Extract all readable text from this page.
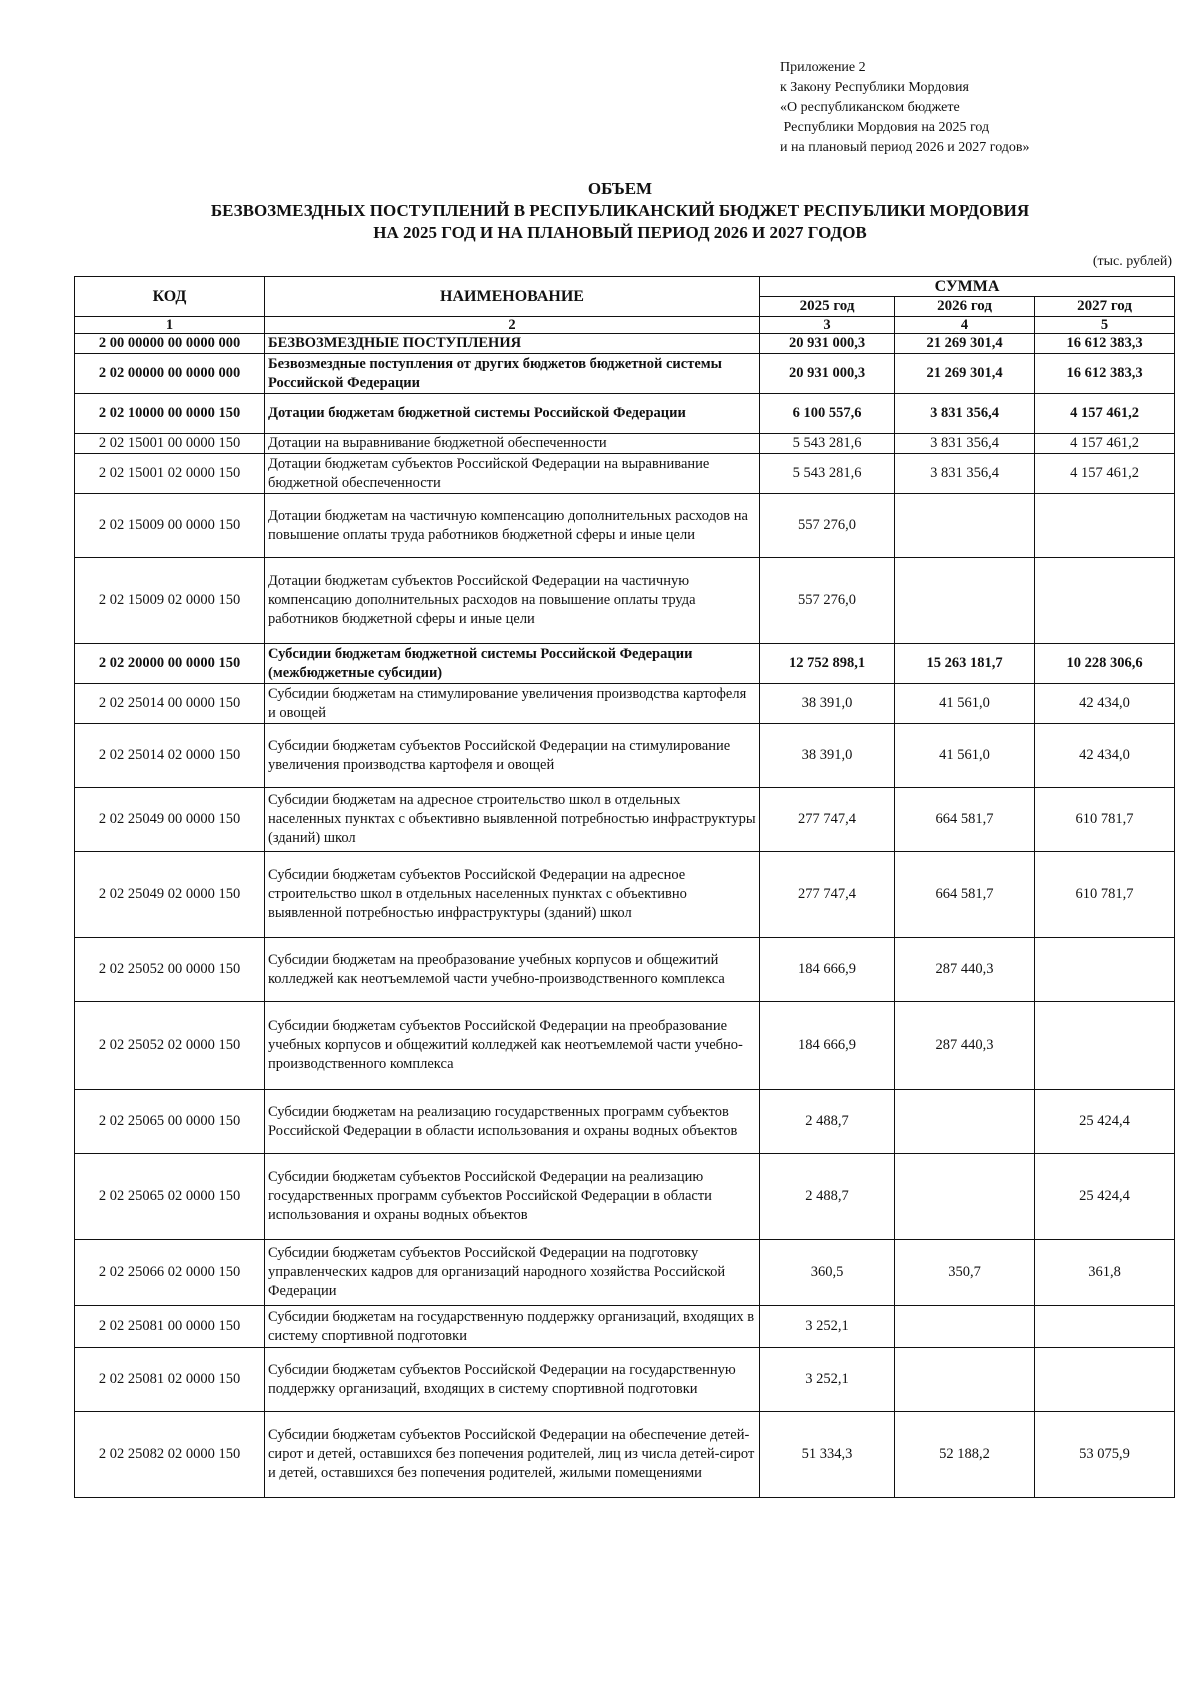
Приложение 2
к Закону Республики Мордовия
«О республиканском бюджете
Республики Мордовия на 2025 год
и на плановый период 2026 и 2027 годов»
ОБЪЕМ
БЕЗВОЗМЕЗДНЫХ ПОСТУПЛЕНИЙ В РЕСПУБЛИКАНСКИЙ БЮДЖЕТ РЕСПУБЛИКИ МОРДОВИЯ
НА 2025 ГОД И НА ПЛАНОВЫЙ ПЕРИОД 2026 И 2027 ГОДОВ
(тыс. рублей)
КОД	НАИМЕНОВАНИЕ	СУММА		
		2025 год	2026 год	2027 год
1	2	3	4	5
2 00 00000 00 0000 000	БЕЗВОЗМЕЗДНЫЕ ПОСТУПЛЕНИЯ	20 931 000,3	21 269 301,4	16 612 383,3
2 02 00000 00 0000 000	Безвозмездные поступления от других бюджетов бюджетной системы Российской Федерации	20 931 000,3	21 269 301,4	16 612 383,3
2 02 10000 00 0000 150	Дотации бюджетам бюджетной системы Российской Федерации	6 100 557,6	3 831 356,4	4 157 461,2
2 02 15001 00 0000 150	Дотации на выравнивание бюджетной обеспеченности	5 543 281,6	3 831 356,4	4 157 461,2
2 02 15001 02 0000 150	Дотации бюджетам субъектов Российской Федерации на выравнивание бюджетной обеспеченности	5 543 281,6	3 831 356,4	4 157 461,2
2 02 15009 00 0000 150	Дотации бюджетам на частичную компенсацию дополнительных расходов на повышение оплаты труда работников бюджетной сферы и иные цели	557 276,0		
2 02 15009 02 0000 150	Дотации бюджетам субъектов Российской Федерации на частичную компенсацию дополнительных расходов на повышение оплаты труда работников бюджетной сферы и иные цели	557 276,0		
2 02 20000 00 0000 150	Субсидии бюджетам бюджетной системы Российской Федерации (межбюджетные субсидии)	12 752 898,1	15 263 181,7	10 228 306,6
2 02 25014 00 0000 150	Субсидии бюджетам на стимулирование увеличения производства картофеля и овощей	38 391,0	41 561,0	42 434,0
2 02 25014 02 0000 150	Субсидии бюджетам субъектов Российской Федерации на стимулирование увеличения производства картофеля и овощей	38 391,0	41 561,0	42 434,0
2 02 25049 00 0000 150	Субсидии бюджетам на адресное строительство школ в отдельных населенных пунктах с объективно выявленной потребностью инфраструктуры (зданий) школ	277 747,4	664 581,7	610 781,7
2 02 25049 02 0000 150	Субсидии бюджетам субъектов Российской Федерации на адресное строительство школ в отдельных населенных пунктах с объективно выявленной потребностью инфраструктуры (зданий) школ	277 747,4	664 581,7	610 781,7
2 02 25052 00 0000 150	Субсидии бюджетам на преобразование учебных корпусов и общежитий колледжей как неотъемлемой части учебно-производственного комплекса	184 666,9	287 440,3	
2 02 25052 02 0000 150	Субсидии бюджетам субъектов Российской Федерации на преобразование учебных корпусов и общежитий колледжей как неотъемлемой части учебно-производственного комплекса	184 666,9	287 440,3	
2 02 25065 00 0000 150	Субсидии бюджетам на реализацию государственных программ субъектов Российской Федерации в области использования и охраны водных объектов	2 488,7		25 424,4
2 02 25065 02 0000 150	Субсидии бюджетам субъектов Российской Федерации на реализацию государственных программ субъектов Российской Федерации в области использования и охраны водных объектов	2 488,7		25 424,4
2 02 25066 02 0000 150	Субсидии бюджетам субъектов Российской Федерации на подготовку управленческих кадров для организаций народного хозяйства Российской Федерации	360,5	350,7	361,8
2 02 25081 00 0000 150	Субсидии бюджетам на государственную поддержку организаций, входящих в систему спортивной подготовки	3 252,1		
2 02 25081 02 0000 150	Субсидии бюджетам субъектов Российской Федерации на государственную поддержку организаций, входящих в систему спортивной подготовки	3 252,1		
2 02 25082 02 0000 150	Субсидии бюджетам субъектов Российской Федерации на обеспечение детей-сирот и детей, оставшихся без попечения родителей, лиц из числа детей-сирот и детей, оставшихся без попечения родителей, жилыми помещениями	51 334,3	52 188,2	53 075,9
